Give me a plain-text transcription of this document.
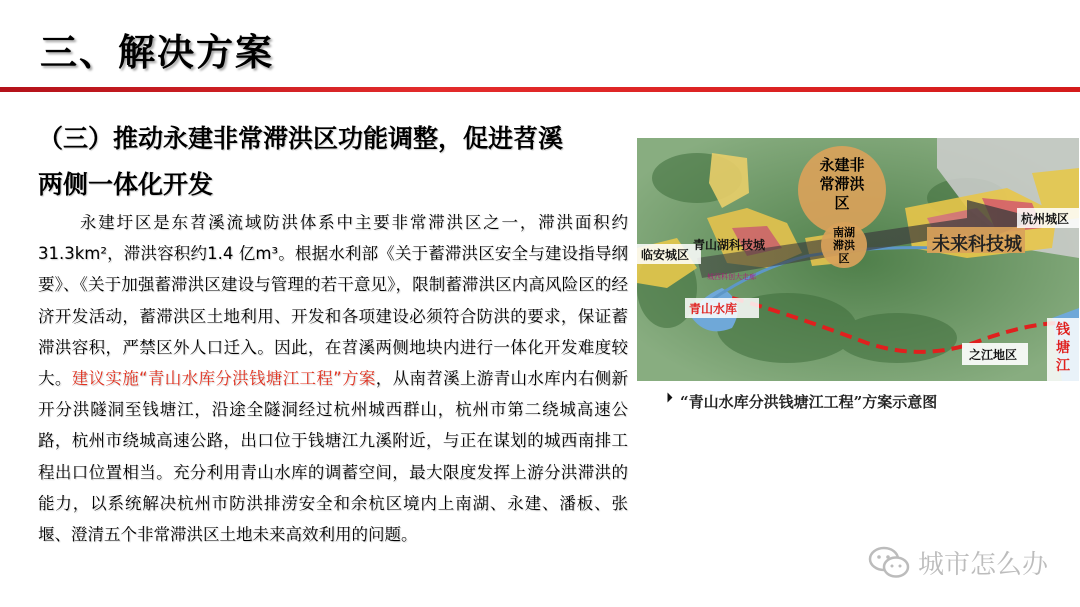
三、解决方案
（三）推动永建非常滞洪区功能调整，促进苕溪
两侧一体化开发
永建圩区是东苕溪流域防洪体系中主要非常滞洪区之一，滞洪面积约31.3km²，滞洪容积约1.4 亿m³。根据水利部《关于蓄滞洪区安全与建设指导纲要》、《关于加强蓄滞洪区建设与管理的若干意见》，限制蓄滞洪区内高风险区的经济开发活动，蓄滞洪区土地利用、开发和各项建设必须符合防洪的要求，保证蓄滞洪容积，严禁区外人口迁入。因此，在苕溪两侧地块内进行一体化开发难度较大。建议实施“青山水库分洪钱塘江工程”方案，从南苕溪上游青山水库内右侧新开分洪隧洞至钱塘江，沿途全隧洞经过杭州城西群山，杭州市第二绕城高速公路，杭州市绕城高速公路，出口位于钱塘江九溪附近，与正在谋划的城西南排工程出口位置相当。充分利用青山水库的调蓄空间，最大限度发挥上游分洪滞洪的能力，以系统解决杭州市防洪排涝安全和余杭区境内上南湖、永建、潘板、张堰、澄清五个非常滞洪区土地未来高效利用的问题。
永建非
常滞洪
区
南湖
滞洪
区
青山湖科技城	未来科技城
杭州城区
临安城区
城西科创大走廊
青山水库
之江地区
钱
塘
江
“青山水库分洪钱塘江工程”方案示意图
城市怎么办
